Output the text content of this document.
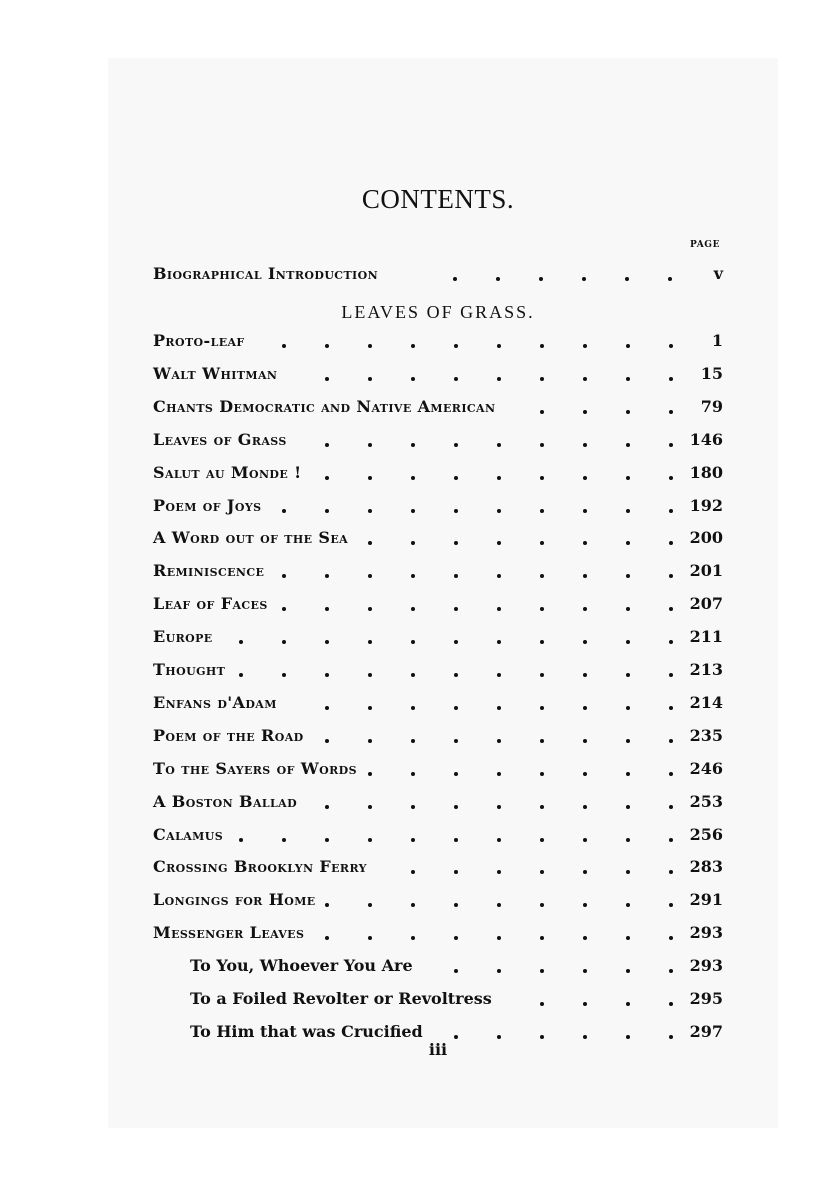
CONTENTS.
PAGE
Biographical Introduction	v
LEAVES OF GRASS.
Proto-leaf	1
Walt Whitman	15
Chants Democratic and Native American	79
Leaves of Grass	146
Salut au Monde !	180
Poem of Joys	192
A Word out of the Sea	200
Reminiscence	201
Leaf of Faces	207
Europe	211
Thought	213
Enfans d'Adam	214
Poem of the Road	235
To the Sayers of Words	246
A Boston Ballad	253
Calamus	256
Crossing Brooklyn Ferry	283
Longings for Home	291
Messenger Leaves	293
To You, Whoever You Are	293
To a Foiled Revolter or Revoltress	295
To Him that was Crucified	297
iii
